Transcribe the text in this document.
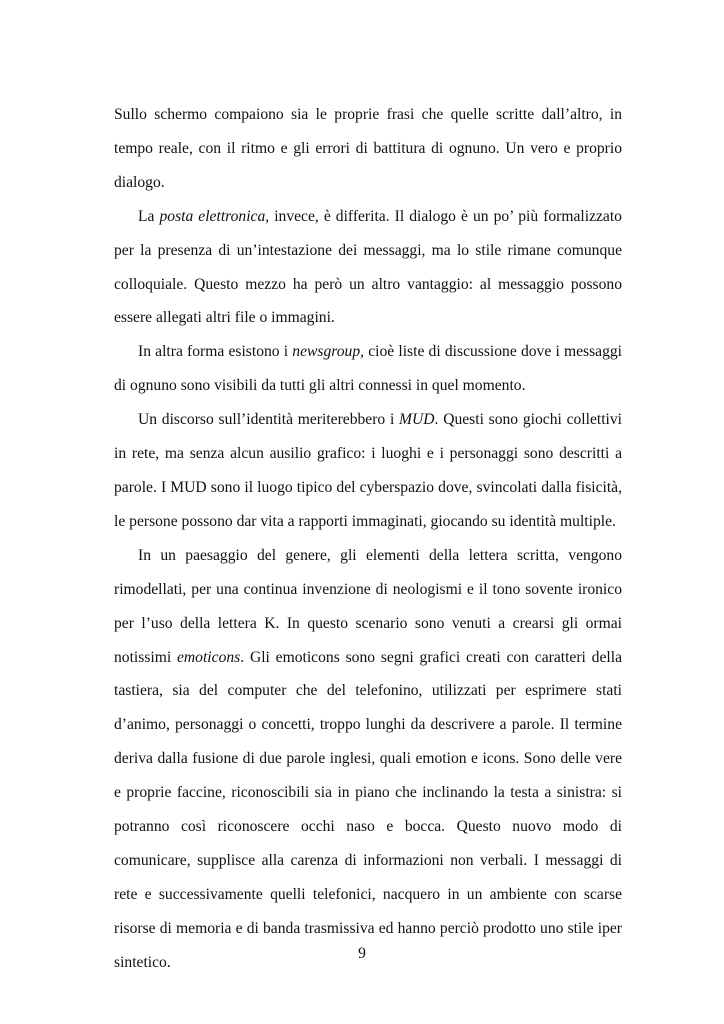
Sullo schermo compaiono sia le proprie frasi che quelle scritte dall’altro, in tempo reale, con il ritmo e gli errori di battitura di ognuno. Un vero e proprio dialogo.

La posta elettronica, invece, è differita. Il dialogo è un po’ più formalizzato per la presenza di un’intestazione dei messaggi, ma lo stile rimane comunque colloquiale. Questo mezzo ha però un altro vantaggio: al messaggio possono essere allegati altri file o immagini.

In altra forma esistono i newsgroup, cioè liste di discussione dove i messaggi di ognuno sono visibili da tutti gli altri connessi in quel momento.

Un discorso sull’identità meriterebbero i MUD. Questi sono giochi collettivi in rete, ma senza alcun ausilio grafico: i luoghi e i personaggi sono descritti a parole. I MUD sono il luogo tipico del cyberspazio dove, svincolati dalla fisicità, le persone possono dar vita a rapporti immaginati, giocando su identità multiple.

In un paesaggio del genere, gli elementi della lettera scritta, vengono rimodellati, per una continua invenzione di neologismi e il tono sovente ironico per l’uso della lettera K. In questo scenario sono venuti a crearsi gli ormai notissimi emoticons. Gli emoticons sono segni grafici creati con caratteri della tastiera, sia del computer che del telefonino, utilizzati per esprimere stati d’animo, personaggi o concetti, troppo lunghi da descrivere a parole. Il termine deriva dalla fusione di due parole inglesi, quali emotion e icons. Sono delle vere e proprie faccine, riconoscibili sia in piano che inclinando la testa a sinistra: si potranno così riconoscere occhi naso e bocca. Questo nuovo modo di comunicare, supplisce alla carenza di informazioni non verbali. I messaggi di rete e successivamente quelli telefonici, nacquero in un ambiente con scarse risorse di memoria e di banda trasmissiva ed hanno perciò prodotto uno stile iper sintetico.

9
